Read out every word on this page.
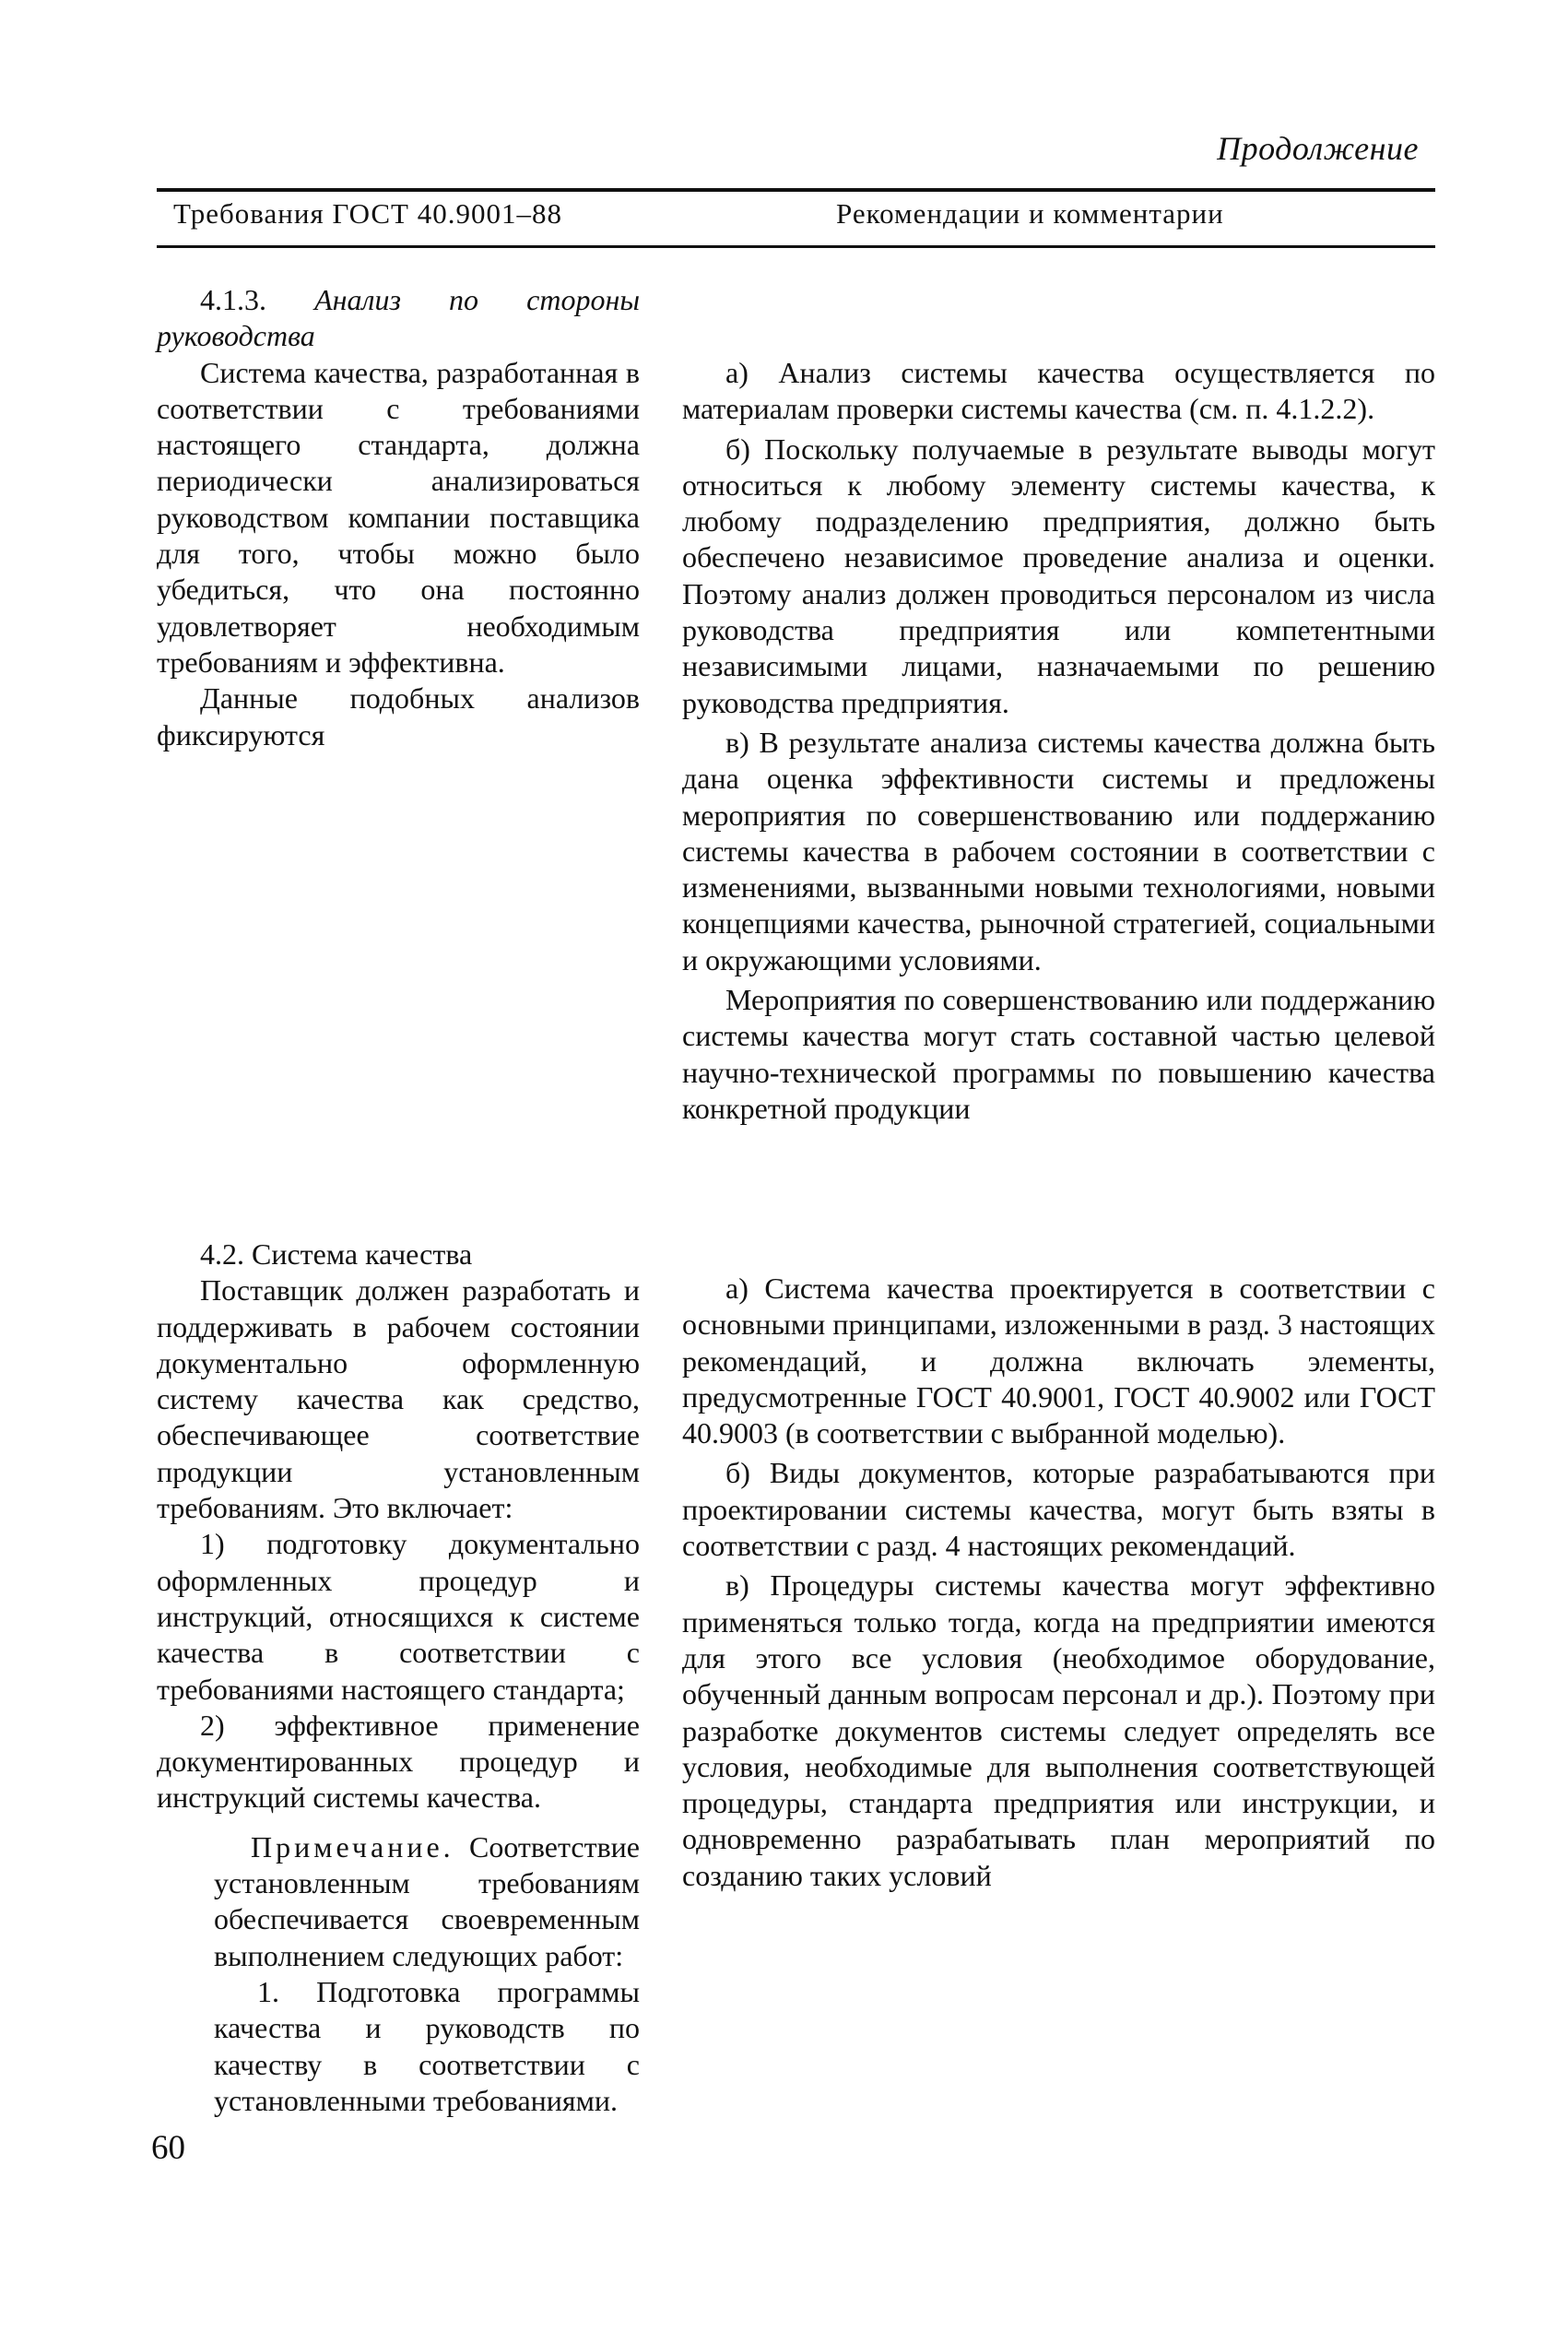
Продолжение
Требования ГОСТ 40.9001–88	Рекомендации и комментарии

4.1.3. Анализ по стороны руководства

Система качества, разработанная в соответствии с требованиями настоящего стандарта, должна периодически анализироваться руководством компании поставщика для того, чтобы можно было убедиться, что она постоянно удовлетворяет необходимым требованиям и эффективна.

Данные подобных анализов фиксируются

а) Анализ системы качества осуществляется по материалам проверки системы качества (см. п. 4.1.2.2).

б) Поскольку получаемые в результате выводы могут относиться к любому элементу системы качества, к любому подразделению предприятия, должно быть обеспечено независимое проведение анализа и оценки. Поэтому анализ должен проводиться персоналом из числа руководства предприятия или компетентными независимыми лицами, назначаемыми по решению руководства предприятия.

в) В результате анализа системы качества должна быть дана оценка эффективности системы и предложены мероприятия по совершенствованию или поддержанию системы качества в рабочем состоянии в соответствии с изменениями, вызванными новыми технологиями, новыми концепциями качества, рыночной стратегией, социальными и окружающими условиями.

Мероприятия по совершенствованию или поддержанию системы качества могут стать составной частью целевой научно-технической программы по повышению качества конкретной продукции

4.2. Система качества

Поставщик должен разработать и поддерживать в рабочем состоянии документально оформленную систему качества как средство, обеспечивающее соответствие продукции установленным требованиям. Это включает:

1) подготовку документально оформленных процедур и инструкций, относящихся к системе качества в соответствии с требованиями настоящего стандарта;

2) эффективное применение документированных процедур и инструкций системы качества.

Примечание. Соответствие установленным требованиям обеспечивается своевременным выполнением следующих работ:

1. Подготовка программы качества и руководств по качеству в соответствии с установленными требованиями.

а) Система качества проектируется в соответствии с основными принципами, изложенными в разд. 3 настоящих рекомендаций, и должна включать элементы, предусмотренные ГОСТ 40.9001, ГОСТ 40.9002 или ГОСТ 40.9003 (в соответствии с выбранной моделью).

б) Виды документов, которые разрабатываются при проектировании системы качества, могут быть взяты в соответствии с разд. 4 настоящих рекомендаций.

в) Процедуры системы качества могут эффективно применяться только тогда, когда на предприятии имеются для этого все условия (необходимое оборудование, обученный данным вопросам персонал и др.). Поэтому при разработке документов системы следует определять все условия, необходимые для выполнения соответствующей процедуры, стандарта предприятия или инструкции, и одновременно разрабатывать план мероприятий по созданию таких условий

60
